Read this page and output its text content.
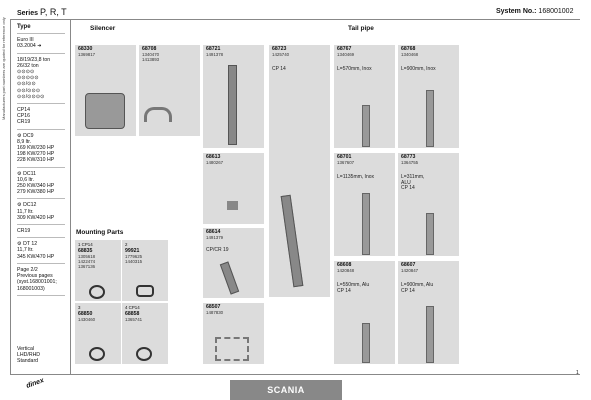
Series P, R, T	System No.: 168001002
Manufacturers part numbers are quoted for reference only Type
Euro III
03.2004 ➜
18/19/23,8 ton
26/32 ton
⊙⊙⊙⊙
⊙⊙⊙⊙⊙
⊙⊙/⊙⊙
⊙⊙/⊙⊙⊙
⊙⊙/⊙⊙⊙⊙
CP14
CP16
CR19
⚙ DC9
8,9 ltr.
169 KW/230 HP
198 KW/270 HP
228 KW/310 HP
⚙ DC11
10,6 ltr.
250 KW/340 HP
279 KW/380 HP
⚙ DC12
11,7 ltr.
309 KW/420 HP
CR19
⚙ DT 12
11,7 ltr.
345 KW/470 HP
Page 2/2
Previous pages
(syst.168001001;
168001003)
Vertical
LHD/RHD
Standard
Silencer	Tail pipe
Mounting Parts
68330
1369817
68708
1340470
1413893
68721
1491378
68723
1425740
CP 14
68767
1340469
L=570mm, Inox
68768
1340468
L=900mm, Inox
68613
1480267
68701
1367607
L=1135mm, Inox
68773
1364755
L=311mm,
ALU
CP 14
68614
1491379
CP/CR 19
68608
1420848
L=550mm, Alu
CP 14
68607
1420847
L=900mm, Alu
CP 14
68507
1487830
1 CP14
68835
1305618
1422474
1367136
2
99921
1779625
1440315
3
68850
1430460
4 CP14
68858
1365741
dinex
SCANIA
1
